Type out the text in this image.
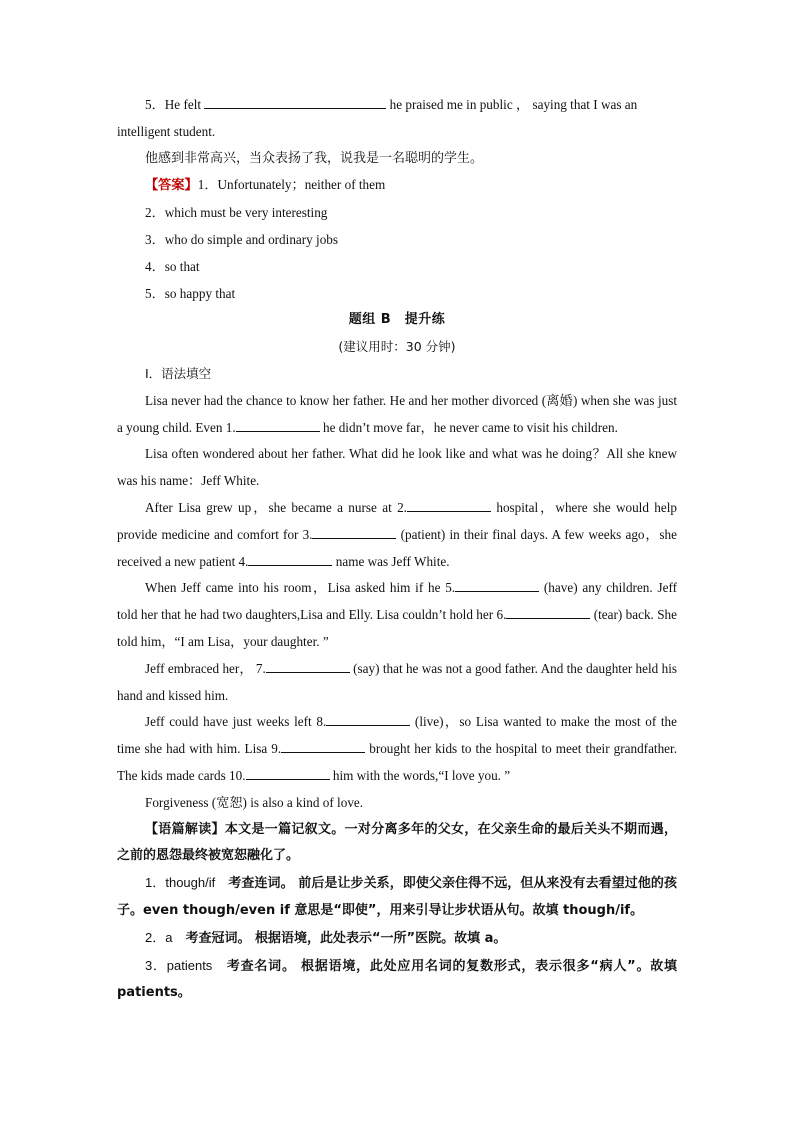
5．He felt	he praised me in public ， saying that I was an

intelligent student.

他感到非常高兴，当众表扬了我，说我是一名聪明的学生。

【答案】1．Unfortunately；neither of them

2．which must be very interesting

3．who do simple and ordinary jobs

4．so that

5．so happy that

题组 B　提升练

(建议用时：30 分钟)

Ⅰ．语法填空

Lisa never had the chance to know her father. He and her mother divorced (离婚) when she was just a young child. Even 1.	he didn’t move far，he never came to visit his children.

Lisa often wondered about her father. What did he look like and what was he doing？All she knew was his name：Jeff White.

After Lisa grew up，she became a nurse at 2.	hospital，where she would help provide medicine and comfort for 3.	(patient) in their final days. A few weeks ago，she received a new patient 4.	name was Jeff White.

When Jeff came into his room，Lisa asked him if he 5.	(have) any children. Jeff told her that he had two daughters,Lisa and Elly. Lisa couldn’t hold her 6.	(tear) back. She told him，“I am Lisa，your daughter. ”

Jeff embraced her， 7.	(say) that he was not a good father. And the daughter held his hand and kissed him.

Jeff could have just weeks left 8.	(live)，so Lisa wanted to make the most of the time she had with him. Lisa 9.	brought her kids to the hospital to meet their grandfather. The kids made cards 10.	him with the words,“I love you. ”

Forgiveness (宽恕) is also a kind of love.

【语篇解读】本文是一篇记叙文。一对分离多年的父女，在父亲生命的最后关头不期而遇，之前的恩怨最终被宽恕融化了。

1．though/if　考查连词。 前后是让步关系，即使父亲住得不远，但从来没有去看望过他的孩子。even though/even if 意思是“即使”，用来引导让步状语从句。故填 though/if。

2．a　考查冠词。 根据语境，此处表示“一所”医院。故填 a。

3．patients　考查名词。 根据语境，此处应用名词的复数形式，表示很多“病人”。故填 patients。
